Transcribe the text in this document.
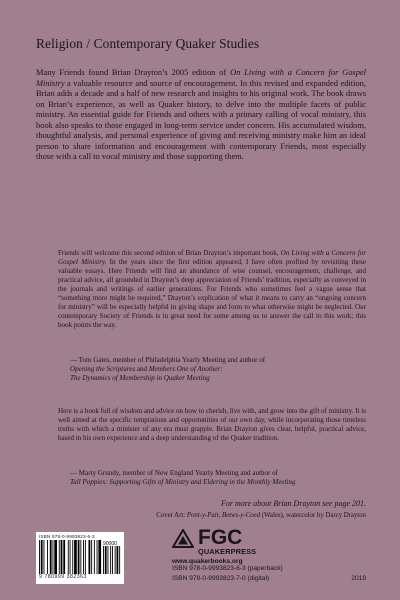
Religion / Contemporary Quaker Studies

Many Friends found Brian Drayton’s 2005 edition of On Living with a Concern for Gospel Ministry a valuable resource and source of encouragement. In this revised and expanded edition, Brian adds a decade and a half of new research and insights to his original work. The book draws on Brian’s experience, as well as Quaker history, to delve into the multiple facets of public ministry. An essential guide for Friends and others with a primary calling of vocal ministry, this book also speaks to those engaged in long-term service under concern. His accumulated wisdom, thoughtful analysis, and personal experience of giving and receiving ministry make him an ideal person to share information and encouragement with contemporary Friends, most especially those with a call to vocal ministry and those supporting them.

Friends will welcome this second edition of Brian Drayton’s important book, On Living with a Concern for Gospel Ministry. In the years since the first edition appeared, I have often profited by revisiting these valuable essays. Here Friends will find an abundance of wise counsel, encouragement, challenge, and practical advice, all grounded in Drayton’s deep appreciation of Friends’ tradition, especially as conveyed in the journals and writings of earlier generations. For Friends who sometimes feel a vague sense that “something more might be required,” Drayton’s explication of what it means to carry an “ongoing concern for ministry” will be especially helpful in giving shape and form to what otherwise might be neglected. Our contemporary Society of Friends is in great need for some among us to answer the call to this work; this book points the way.

— Tom Gates, member of Philadelphia Yearly Meeting and author of
Opening the Scriptures and Members One of Another:
The Dynamics of Membership in Quaker Meeting

Here is a book full of wisdom and advice on how to cherish, live with, and grow into the gift of ministry. It is well aimed at the specific temptations and opportunities of our own day, while incorporating those timeless truths with which a minister of any era must grapple. Brian Drayton gives clear, helpful, practical advice, based in his own experience and a deep understanding of the Quaker tradition.

— Marty Grundy, member of New England Yearly Meeting and author of
Tall Poppies: Supporting Gifts of Ministry and Eldering in the Monthly Meeting
For more about Brian Drayton see page 201.
Cover Art: Pont-y-Pair, Betws-y-Coed (Wales), watercolor by Darcy Drayton
ISBN 978-0-9993823-6-3
90000
9 780999 382363
FGC
QUAKERPRESS
www.quakerbooks.org
ISBN 978-0-9993823-6-3 (paperback)
ISBN 978-0-9993823-7-0 (digital)	2019
